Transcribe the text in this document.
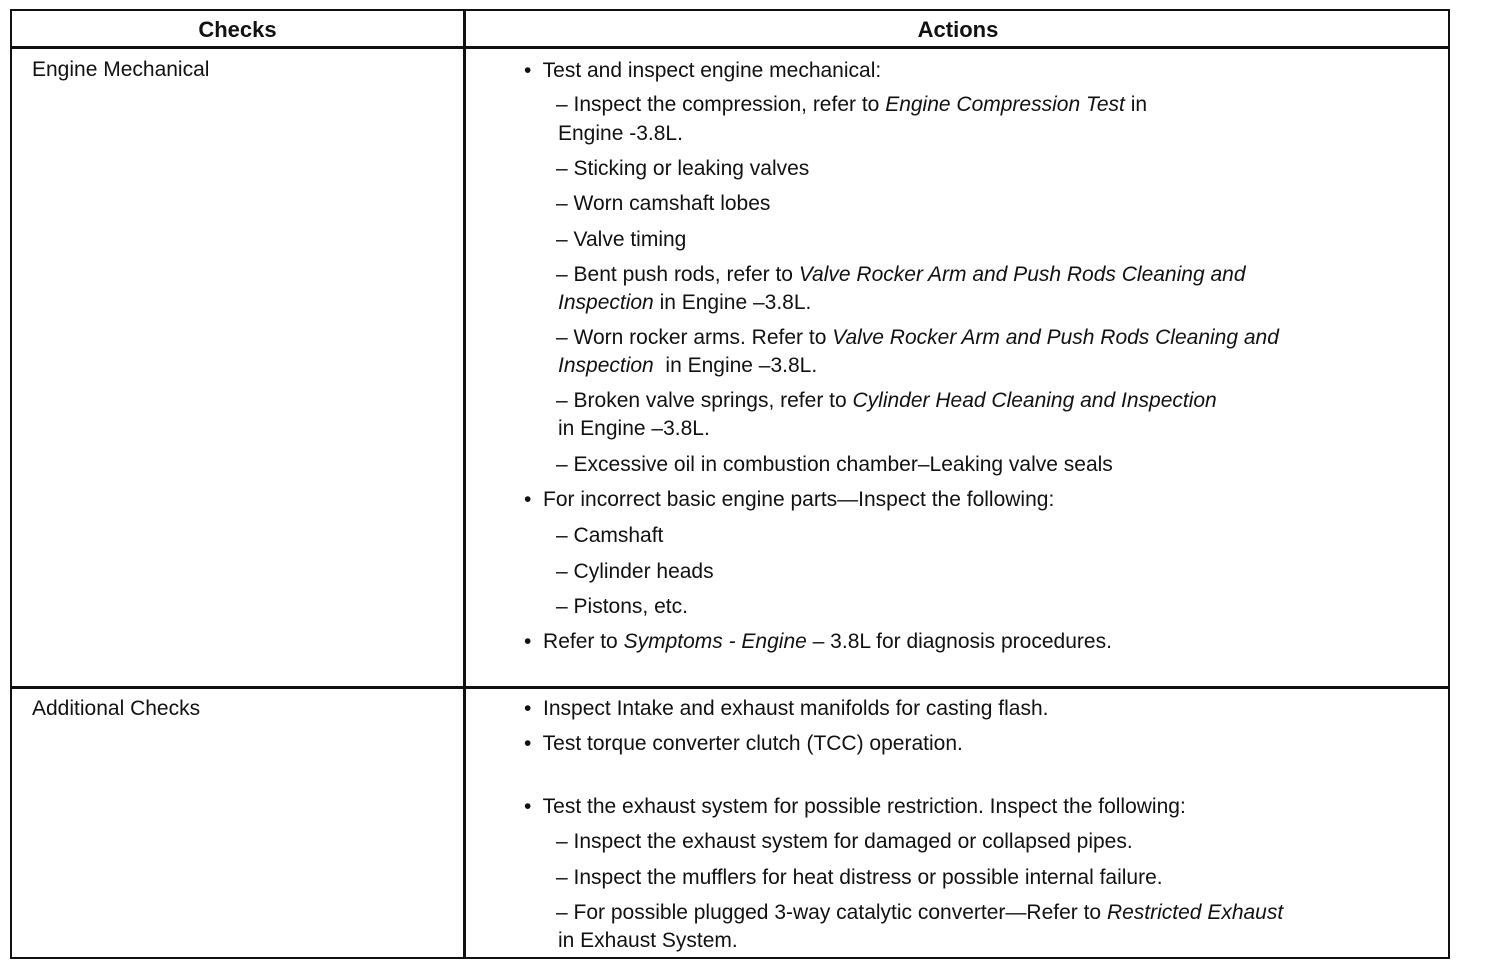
Checks	Actions
Engine Mechanical	• Test and inspect engine mechanical:
– Inspect the compression, refer to Engine Compression Test in
Engine -3.8L.
– Sticking or leaking valves
– Worn camshaft lobes
– Valve timing
– Bent push rods, refer to Valve Rocker Arm and Push Rods Cleaning and
Inspection in Engine –3.8L.
– Worn rocker arms. Refer to Valve Rocker Arm and Push Rods Cleaning and
Inspection  in Engine –3.8L.
– Broken valve springs, refer to Cylinder Head Cleaning and Inspection
in Engine –3.8L.
– Excessive oil in combustion chamber–Leaking valve seals
• For incorrect basic engine parts—Inspect the following:
– Camshaft
– Cylinder heads
– Pistons, etc.
• Refer to Symptoms - Engine – 3.8L for diagnosis procedures.
Additional Checks	• Inspect Intake and exhaust manifolds for casting flash.
• Test torque converter clutch (TCC) operation.
• Test the exhaust system for possible restriction. Inspect the following:
– Inspect the exhaust system for damaged or collapsed pipes.
– Inspect the mufflers for heat distress or possible internal failure.
– For possible plugged 3-way catalytic converter—Refer to Restricted Exhaust
in Exhaust System.
